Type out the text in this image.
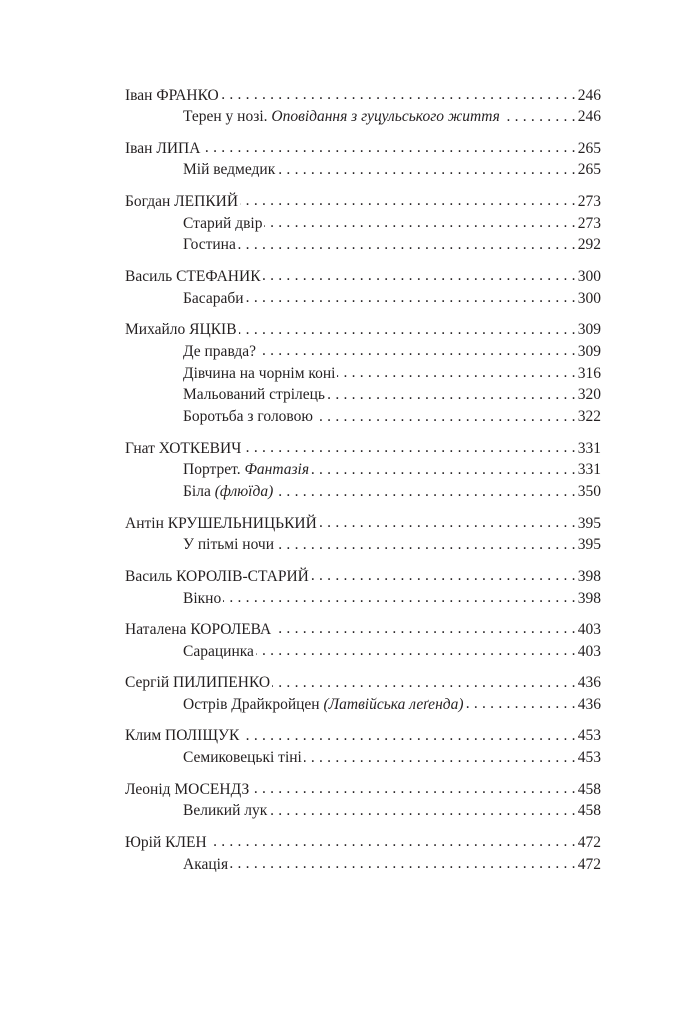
Іван ФРАНКО . . .	246
Терен у нозі. Оповідання з гуцульського життя . . .	246
Іван ЛИПА . . .	265
Мій ведмедик . . .	265
Богдан ЛЕПКИЙ . . .	273
Старий двір . . .	273
Гостина . . .	292
Василь СТЕФАНИК . . .	300
Басараби . . .	300
Михайло ЯЦКІВ . . .	309
Де правда? . . .	309
Дівчина на чорнім коні . . .	316
Мальований стрілець . . .	320
Боротьба з головою . . .	322
Гнат ХОТКЕВИЧ . . .	331
Портрет. Фантазія . . .	331
Біла (флюїда) . . .	350
Антін КРУШЕЛЬНИЦЬКИЙ . . .	395
У пітьмі ночи . . .	395
Василь КОРОЛІВ-СТАРИЙ . . .	398
Вікно . . .	398
Наталена КОРОЛЕВА . . .	403
Сарацинка . . .	403
Сергій ПИЛИПЕНКО . . .	436
Острів Драйкройцен (Латвійська леґенда) . . .	436
Клим ПОЛІЩУК . . .	453
Семиковецькі тіні . . .	453
Леонід МОСЕНДЗ . . .	458
Великий лук . . .	458
Юрій КЛЕН . . .	472
Акація . . .	472
